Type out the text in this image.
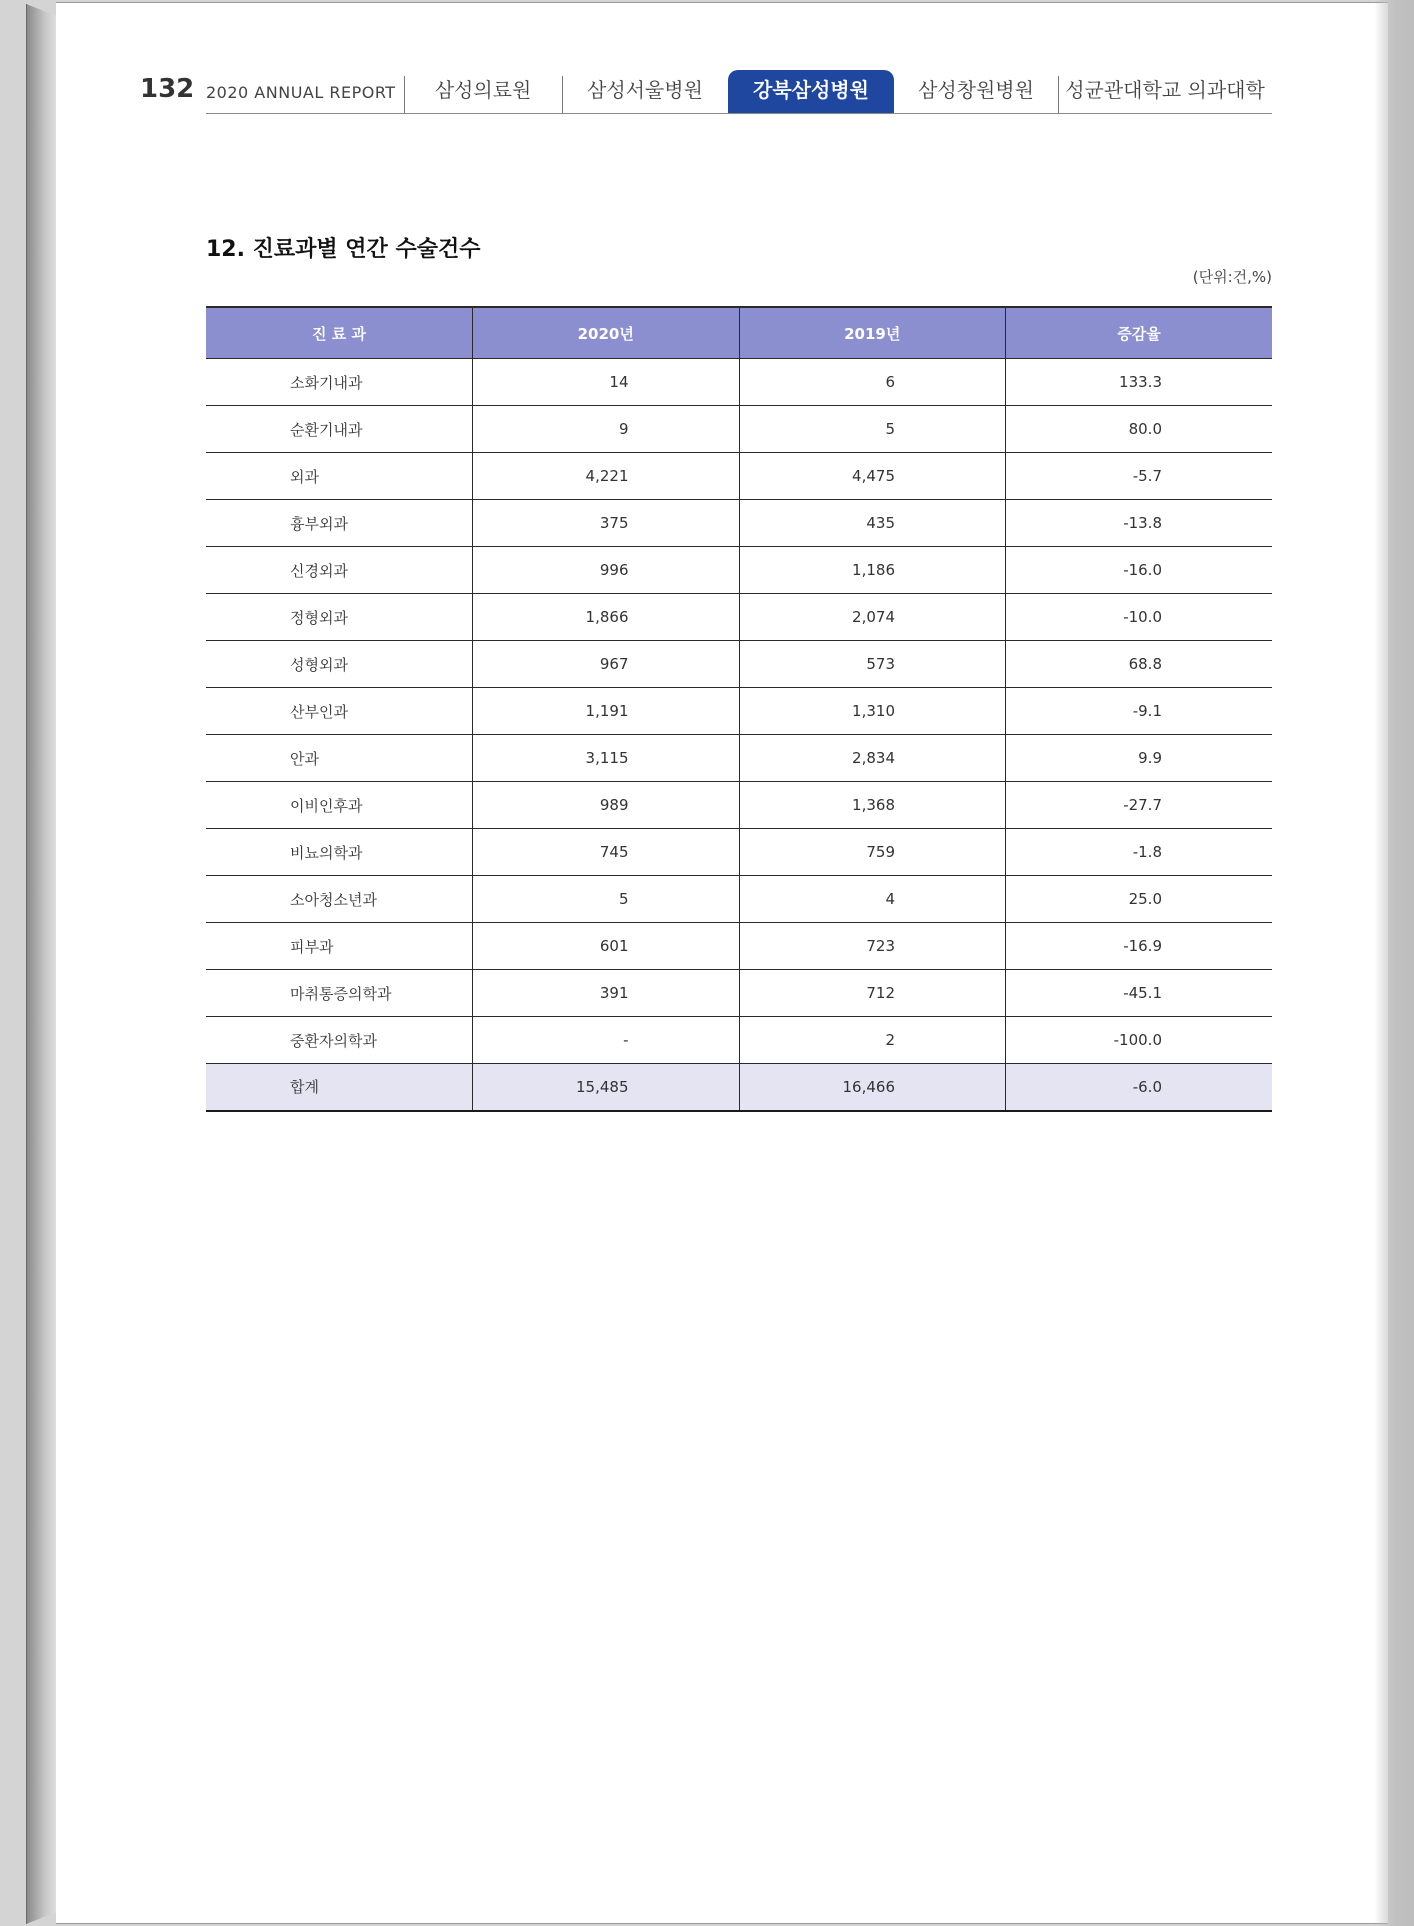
132 2020 ANNUAL REPORT	삼성의료원	삼성서울병원	강북삼성병원	삼성창원병원	성균관대학교 의과대학
12. 진료과별 연간 수술건수
(단위:건,%)
진 료 과	2020년	2019년	증감율
소화기내과	14	6	133.3
순환기내과	9	5	80.0
외과	4,221	4,475	-5.7
흉부외과	375	435	-13.8
신경외과	996	1,186	-16.0
정형외과	1,866	2,074	-10.0
성형외과	967	573	68.8
산부인과	1,191	1,310	-9.1
안과	3,115	2,834	9.9
이비인후과	989	1,368	-27.7
비뇨의학과	745	759	-1.8
소아청소년과	5	4	25.0
피부과	601	723	-16.9
마취통증의학과	391	712	-45.1
중환자의학과	-	2	-100.0
합계	15,485	16,466	-6.0
